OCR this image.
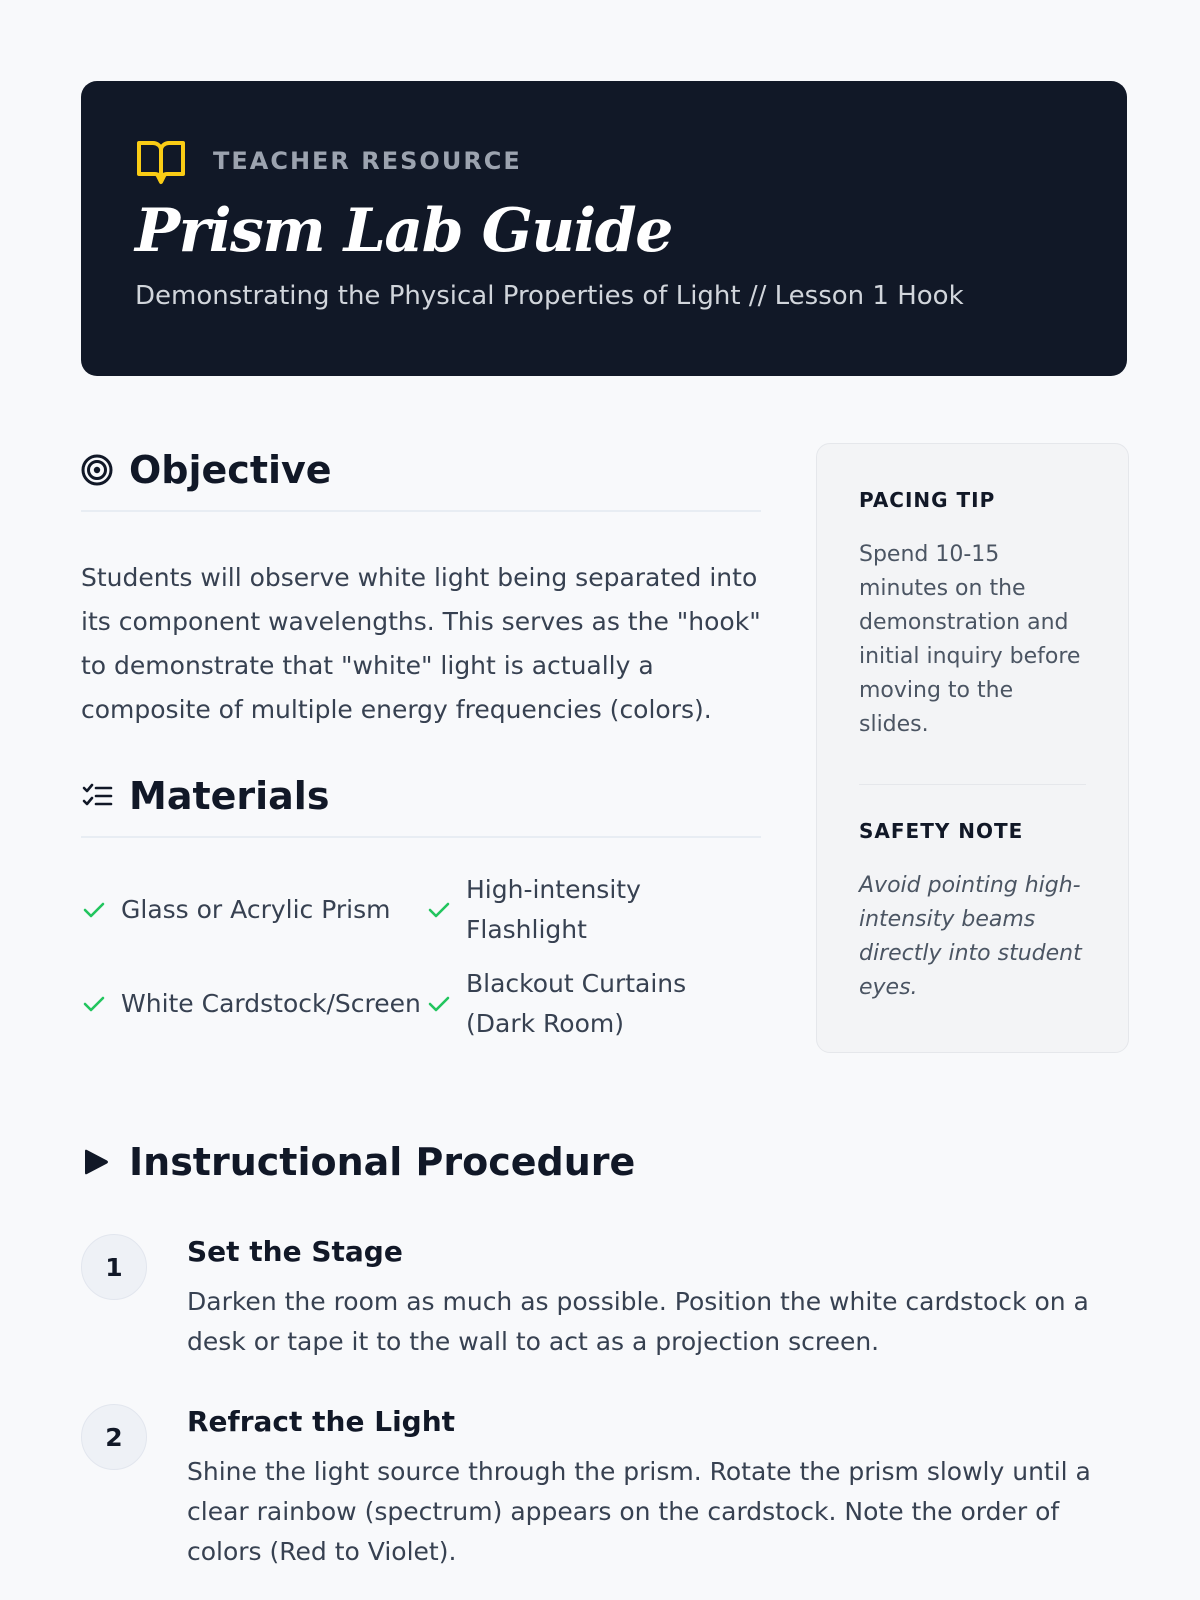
TEACHER RESOURCE
Prism Lab Guide
Demonstrating the Physical Properties of Light // Lesson 1 Hook
Objective

Students will observe white light being separated into its component wavelengths. This serves as the "hook" to demonstrate that "white" light is actually a composite of multiple energy frequencies (colors).

Materials
Glass or Acrylic Prism
High-intensity Flashlight
White Cardstock/Screen
Blackout Curtains (Dark Room)
PACING TIP

Spend 10-15 minutes on the demonstration and initial inquiry before moving to the slides.

SAFETY NOTE

Avoid pointing high-intensity beams directly into student eyes.

Instructional Procedure
1	Set the Stage

Darken the room as much as possible. Position the white cardstock on a desk or tape it to the wall to act as a projection screen.

2	Refract the Light

Shine the light source through the prism. Rotate the prism slowly until a clear rainbow (spectrum) appears on the cardstock. Note the order of colors (Red to Violet).
